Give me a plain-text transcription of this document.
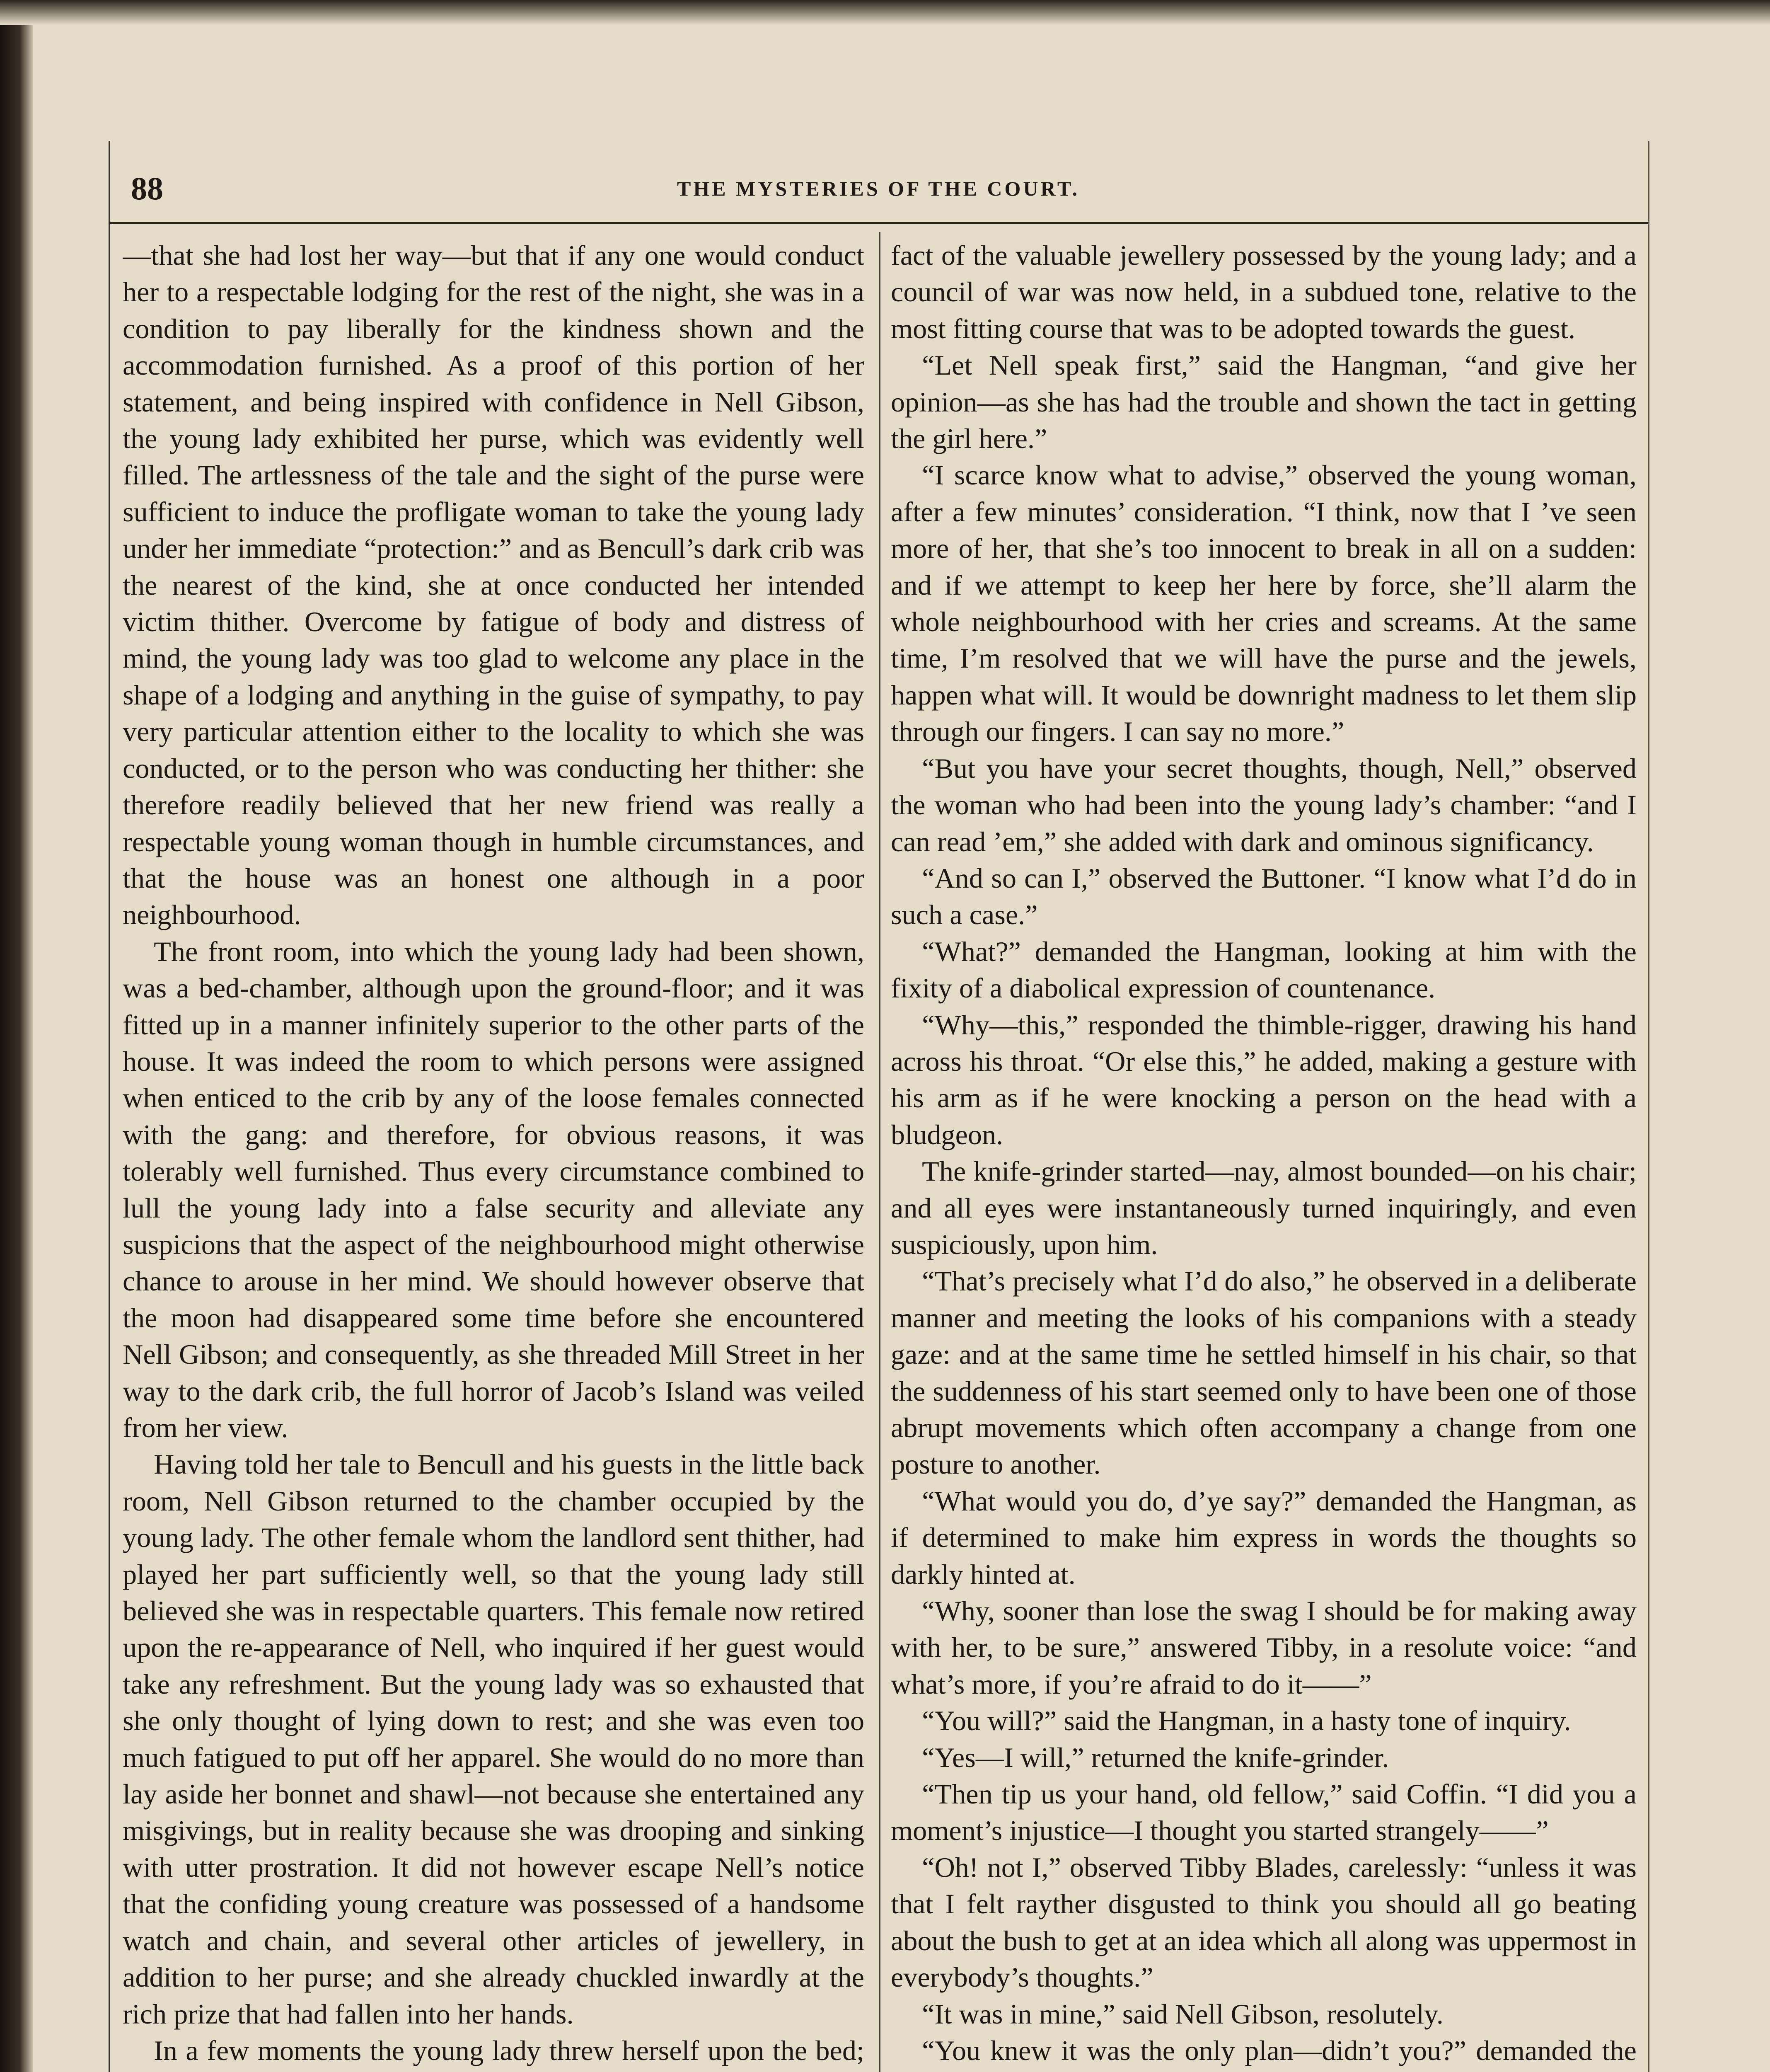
88	THE MYSTERIES OF THE COURT.

—that she had lost her way—but that if any one would conduct her to a respectable lodging for the rest of the night, she was in a condition to pay liberally for the kindness shown and the accommodation furnished. As a proof of this portion of her statement, and being inspired with confidence in Nell Gibson, the young lady exhibited her purse, which was evidently well filled. The artlessness of the tale and the sight of the purse were sufficient to induce the profligate woman to take the young lady under her immediate “protection:” and as Bencull’s dark crib was the nearest of the kind, she at once conducted her intended victim thither. Overcome by fatigue of body and distress of mind, the young lady was too glad to welcome any place in the shape of a lodging and anything in the guise of sympathy, to pay very particular attention either to the locality to which she was conducted, or to the person who was conducting her thither: she therefore readily believed that her new friend was really a respectable young woman though in humble circumstances, and that the house was an honest one although in a poor neighbourhood.

The front room, into which the young lady had been shown, was a bed-chamber, although upon the ground-floor; and it was fitted up in a manner infinitely superior to the other parts of the house. It was indeed the room to which persons were assigned when enticed to the crib by any of the loose females connected with the gang: and therefore, for obvious reasons, it was tolerably well furnished. Thus every circumstance combined to lull the young lady into a false security and alleviate any suspicions that the aspect of the neighbourhood might otherwise chance to arouse in her mind. We should however observe that the moon had disappeared some time before she encountered Nell Gibson; and consequently, as she threaded Mill Street in her way to the dark crib, the full horror of Jacob’s Island was veiled from her view.

Having told her tale to Bencull and his guests in the little back room, Nell Gibson returned to the chamber occupied by the young lady. The other female whom the landlord sent thither, had played her part sufficiently well, so that the young lady still believed she was in respectable quarters. This female now retired upon the re-appearance of Nell, who inquired if her guest would take any refreshment. But the young lady was so exhausted that she only thought of lying down to rest; and she was even too much fatigued to put off her apparel. She would do no more than lay aside her bonnet and shawl—not because she entertained any misgivings, but in reality because she was drooping and sinking with utter prostration. It did not however escape Nell’s notice that the confiding young creature was possessed of a handsome watch and chain, and several other articles of jewellery, in addition to her purse; and she already chuckled inwardly at the rich prize that had fallen into her hands.

In a few moments the young lady threw herself upon the bed;

fact of the valuable jewellery possessed by the young lady; and a council of war was now held, in a subdued tone, relative to the most fitting course that was to be adopted towards the guest.

“Let Nell speak first,” said the Hangman, “and give her opinion—as she has had the trouble and shown the tact in getting the girl here.”

“I scarce know what to advise,” observed the young woman, after a few minutes’ consideration. “I think, now that I ’ve seen more of her, that she’s too innocent to break in all on a sudden: and if we attempt to keep her here by force, she’ll alarm the whole neighbourhood with her cries and screams. At the same time, I’m resolved that we will have the purse and the jewels, happen what will. It would be downright madness to let them slip through our fingers. I can say no more.”

“But you have your secret thoughts, though, Nell,” observed the woman who had been into the young lady’s chamber: “and I can read ’em,” she added with dark and ominous significancy.

“And so can I,” observed the Buttoner. “I know what I’d do in such a case.”

“What?” demanded the Hangman, looking at him with the fixity of a diabolical expression of countenance.

“Why—this,” responded the thimble-rigger, drawing his hand across his throat. “Or else this,” he added, making a gesture with his arm as if he were knocking a person on the head with a bludgeon.

The knife-grinder started—nay, almost bounded—on his chair; and all eyes were instantaneously turned inquiringly, and even suspiciously, upon him.

“That’s precisely what I’d do also,” he observed in a deliberate manner and meeting the looks of his companions with a steady gaze: and at the same time he settled himself in his chair, so that the suddenness of his start seemed only to have been one of those abrupt movements which often accompany a change from one posture to another.

“What would you do, d’ye say?” demanded the Hangman, as if determined to make him express in words the thoughts so darkly hinted at.

“Why, sooner than lose the swag I should be for making away with her, to be sure,” answered Tibby, in a resolute voice: “and what’s more, if you’re afraid to do it——”

“You will?” said the Hangman, in a hasty tone of inquiry.

“Yes—I will,” returned the knife-grinder.

“Then tip us your hand, old fellow,” said Coffin. “I did you a moment’s injustice—I thought you started strangely——”

“Oh! not I,” observed Tibby Blades, carelessly: “unless it was that I felt rayther disgusted to think you should all go beating about the bush to get at an idea which all along was uppermost in everybody’s thoughts.”

“It was in mine,” said Nell Gibson, resolutely.

“You knew it was the only plan—didn’t you?” demanded the
